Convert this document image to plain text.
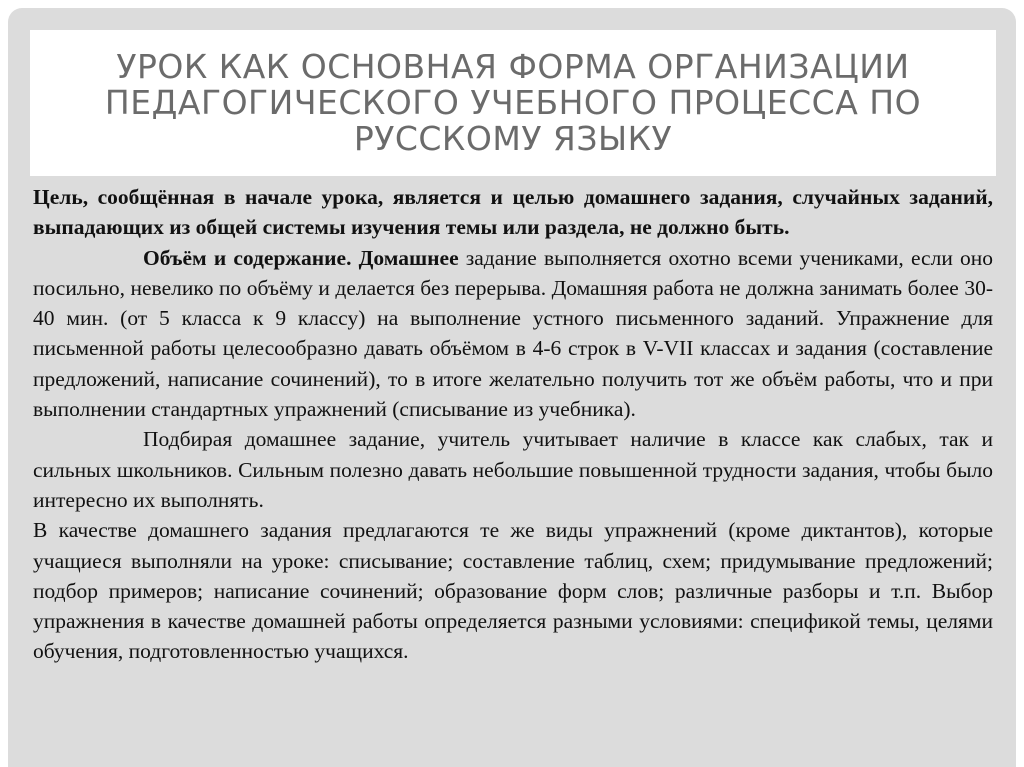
УРОК КАК ОСНОВНАЯ ФОРМА ОРГАНИЗАЦИИ ПЕДАГОГИЧЕСКОГО УЧЕБНОГО ПРОЦЕССА ПО РУССКОМУ ЯЗЫКУ

Цель, сообщённая в начале урока, является и целью домашнего задания, случайных заданий, выпадающих из общей системы изучения темы или раздела, не должно быть.

Объём и содержание. Домашнее задание выполняется охотно всеми учениками, если оно посильно, невелико по объёму и делается без перерыва. Домашняя работа не должна занимать более 30-40 мин. (от 5 класса к 9 классу) на выполнение устного письменного заданий. Упражнение для письменной работы целесообразно давать объёмом в 4-6 строк в V-VII классах и задания (составление предложений, написание сочинений), то в итоге желательно получить тот же объём работы, что и при выполнении стандартных упражнений (списывание из учебника).

Подбирая домашнее задание, учитель учитывает наличие в классе как слабых, так и сильных школьников. Сильным полезно давать небольшие повышенной трудности задания, чтобы было интересно их выполнять.

В качестве домашнего задания предлагаются те же виды упражнений (кроме диктантов), которые учащиеся выполняли на уроке: списывание; составление таблиц, схем; придумывание предложений; подбор примеров; написание сочинений; образование форм слов; различные разборы и т.п. Выбор упражнения в качестве домашней работы определяется разными условиями: спецификой темы, целями обучения, подготовленностью учащихся.
